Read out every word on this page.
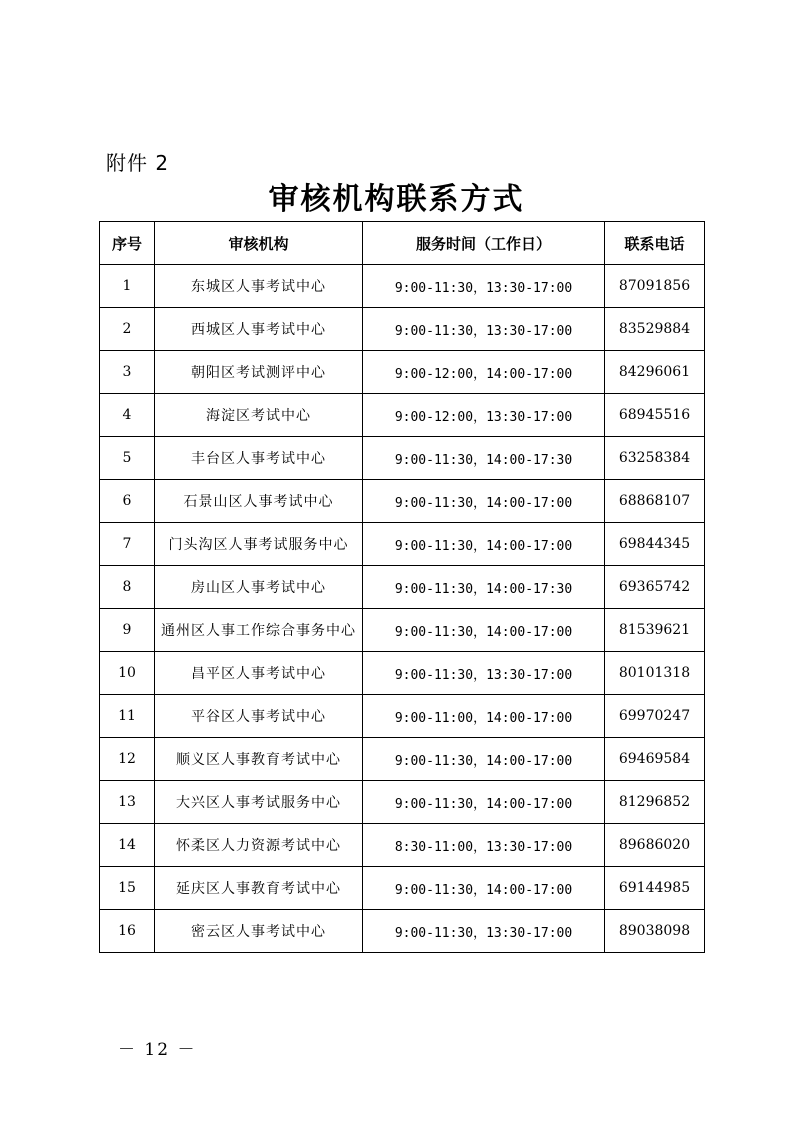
附件 2
审核机构联系方式
序号	审核机构	服务时间（工作日）	联系电话
1	东城区人事考试中心	9:00-11:30，13:30-17:00	87091856
2	西城区人事考试中心	9:00-11:30，13:30-17:00	83529884
3	朝阳区考试测评中心	9:00-12:00，14:00-17:00	84296061
4	海淀区考试中心	9:00-12:00，13:30-17:00	68945516
5	丰台区人事考试中心	9:00-11:30，14:00-17:30	63258384
6	石景山区人事考试中心	9:00-11:30，14:00-17:00	68868107
7	门头沟区人事考试服务中心	9:00-11:30，14:00-17:00	69844345
8	房山区人事考试中心	9:00-11:30，14:00-17:30	69365742
9	通州区人事工作综合事务中心	9:00-11:30，14:00-17:00	81539621
10	昌平区人事考试中心	9:00-11:30，13:30-17:00	80101318
11	平谷区人事考试中心	9:00-11:00，14:00-17:00	69970247
12	顺义区人事教育考试中心	9:00-11:30，14:00-17:00	69469584
13	大兴区人事考试服务中心	9:00-11:30，14:00-17:00	81296852
14	怀柔区人力资源考试中心	8:30-11:00，13:30-17:00	89686020
15	延庆区人事教育考试中心	9:00-11:30，14:00-17:00	69144985
16	密云区人事考试中心	9:00-11:30，13:30-17:00	89038098
－ 12 －
